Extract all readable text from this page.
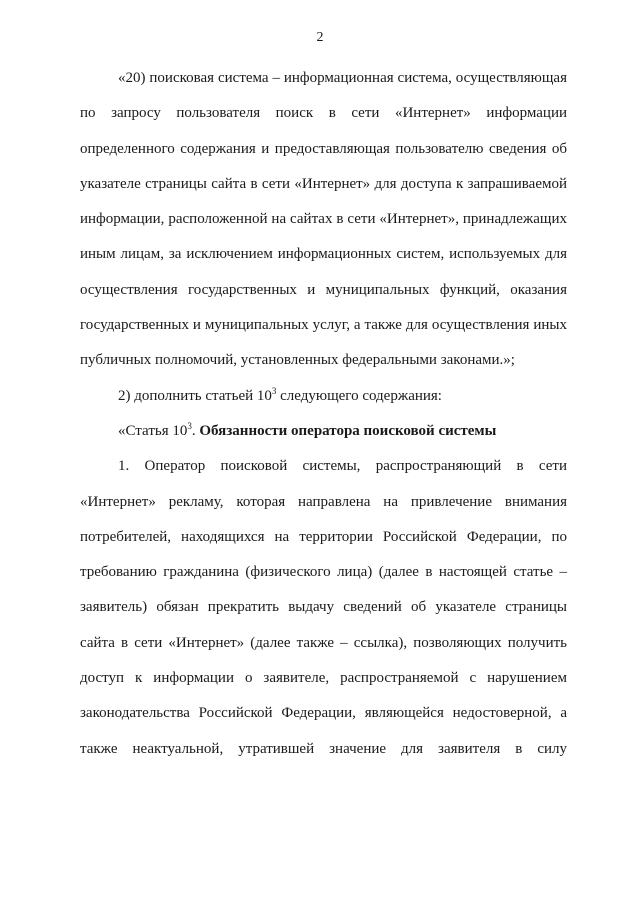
2

«20) поисковая система – информационная система, осуществляющая по запросу пользователя поиск в сети «Интернет» информации определенного содержания и предоставляющая пользователю сведения об указателе страницы сайта в сети «Интернет» для доступа к запрашиваемой информации, расположенной на сайтах в сети «Интернет», принадлежащих иным лицам, за исключением информационных систем, используемых для осуществления государственных и муниципальных функций, оказания государственных и муниципальных услуг, а также для осуществления иных публичных полномочий, установленных федеральными законами.»;

2) дополнить статьей $10^3$ следующего содержания:

«Статья $10^3$. Обязанности оператора поисковой системы

1. Оператор поисковой системы, распространяющий в сети «Интернет» рекламу, которая направлена на привлечение внимания потребителей, находящихся на территории Российской Федерации, по требованию гражданина (физического лица) (далее в настоящей статье – заявитель) обязан прекратить выдачу сведений об указателе страницы сайта в сети «Интернет» (далее также – ссылка), позволяющих получить доступ к информации о заявителе, распространяемой с нарушением законодательства Российской Федерации, являющейся недостоверной, а также неактуальной, утратившей значение для заявителя в силу
